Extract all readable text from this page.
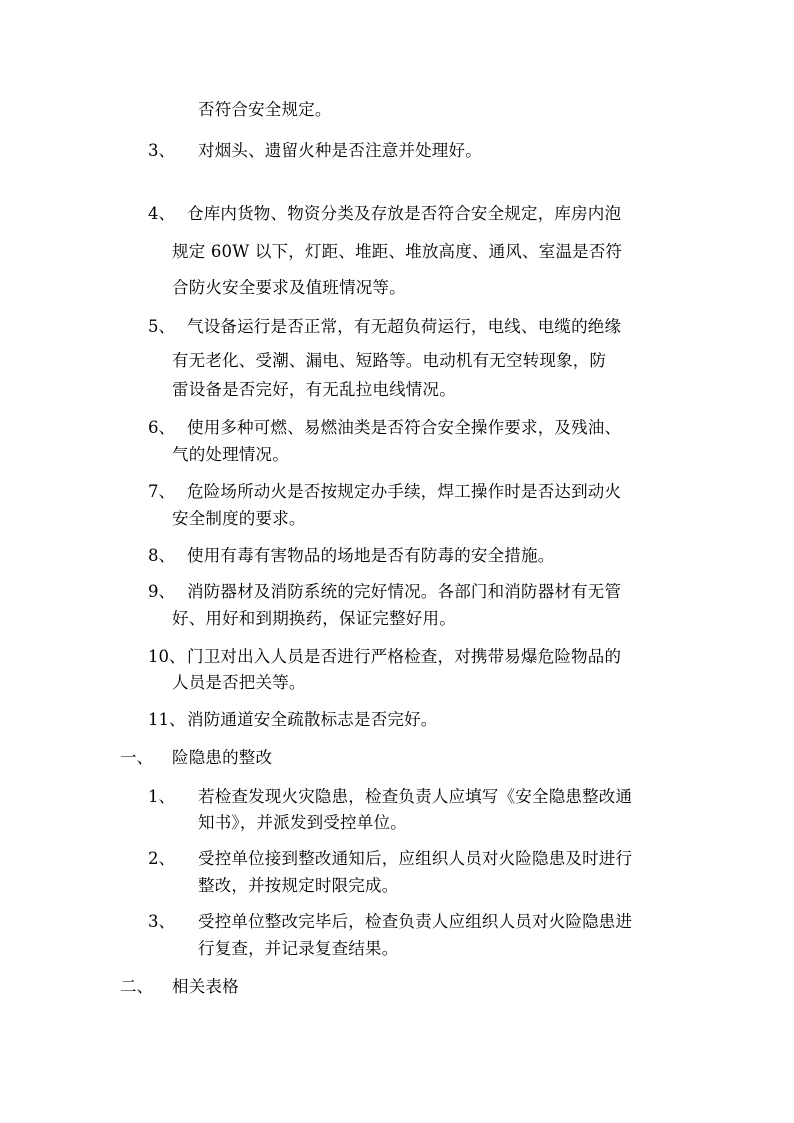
否符合安全规定。
3、 对烟头、遗留火种是否注意并处理好。
4、 仓库内货物、物资分类及存放是否符合安全规定，库房内泡
规定 60W 以下，灯距、堆距、堆放高度、通风、室温是否符
合防火安全要求及值班情况等。
5、 气设备运行是否正常，有无超负荷运行，电线、电缆的绝缘
有无老化、受潮、漏电、短路等。电动机有无空转现象，防
雷设备是否完好，有无乱拉电线情况。
6、 使用多种可燃、易燃油类是否符合安全操作要求，及残油、
气的处理情况。
7、 危险场所动火是否按规定办手续，焊工操作时是否达到动火
安全制度的要求。
8、 使用有毒有害物品的场地是否有防毒的安全措施。
9、 消防器材及消防系统的完好情况。各部门和消防器材有无管
好、用好和到期换药，保证完整好用。
10、 门卫对出入人员是否进行严格检查，对携带易爆危险物品的
人员是否把关等。
11、 消防通道安全疏散标志是否完好。
一、 险隐患的整改
1、 若检查发现火灾隐患，检查负责人应填写《安全隐患整改通
知书》，并派发到受控单位。
2、 受控单位接到整改通知后，应组织人员对火险隐患及时进行
整改，并按规定时限完成。
3、 受控单位整改完毕后，检查负责人应组织人员对火险隐患进
行复查，并记录复查结果。
二、 相关表格
